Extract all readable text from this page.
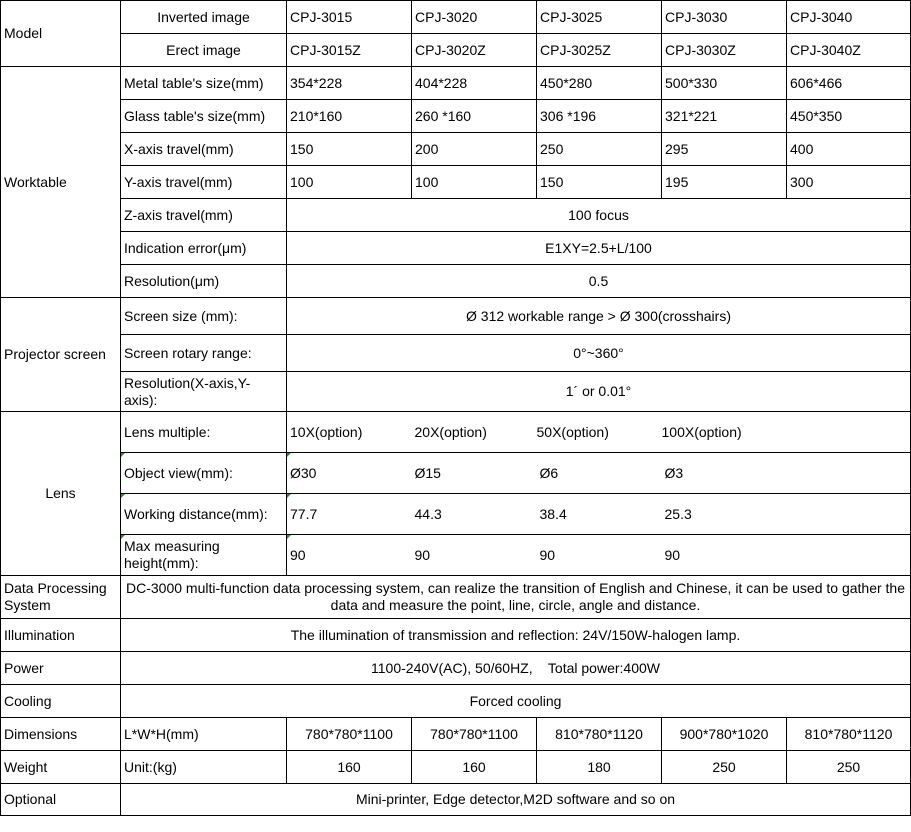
Model	Inverted image	CPJ-3015	CPJ-3020	CPJ-3025	CPJ-3030	CPJ-3040
	Erect image	CPJ-3015Z	CPJ-3020Z	CPJ-3025Z	CPJ-3030Z	CPJ-3040Z
Worktable	Metal table's size(mm)	354*228	404*228	450*280	500*330	606*466
	Glass table's size(mm)	210*160	260 *160	306 *196	321*221	450*350
	X-axis travel(mm)	150	200	250	295	400
	Y-axis travel(mm)	100	100	150	195	300
	Z-axis travel(mm)	100 focus				
	Indication error(μm)	E1XY=2.5+L/100				
	Resolution(μm)	0.5				
Projector screen	Screen size (mm):	Ø 312 workable range > Ø 300(crosshairs)				
	Screen rotary range:	0°~360°				
	Resolution(X-axis,Y-axis):	1´ or 0.01°				
Lens	Lens multiple:	10X(option)	20X(option)	50X(option)	100X(option)	
	Object view(mm):	Ø30	Ø15	Ø6	Ø3	
	Working distance(mm):	77.7	44.3	38.4	25.3	
	Max measuring height(mm):	90	90	90	90	
Data Processing System	DC-3000 multi-function data processing system, can realize the transition of English and Chinese, it can be used to gather the data and measure the point, line, circle, angle and distance.					
Illumination	The illumination of transmission and reflection: 24V/150W-halogen lamp.					
Power	1100-240V(AC), 50/60HZ,    Total power:400W					
Cooling	Forced cooling					
Dimensions	L*W*H(mm)	780*780*1100	780*780*1100	810*780*1120	900*780*1020	810*780*1120
Weight	Unit:(kg)	160	160	180	250	250
Optional	Mini-printer, Edge detector,M2D software and so on					
